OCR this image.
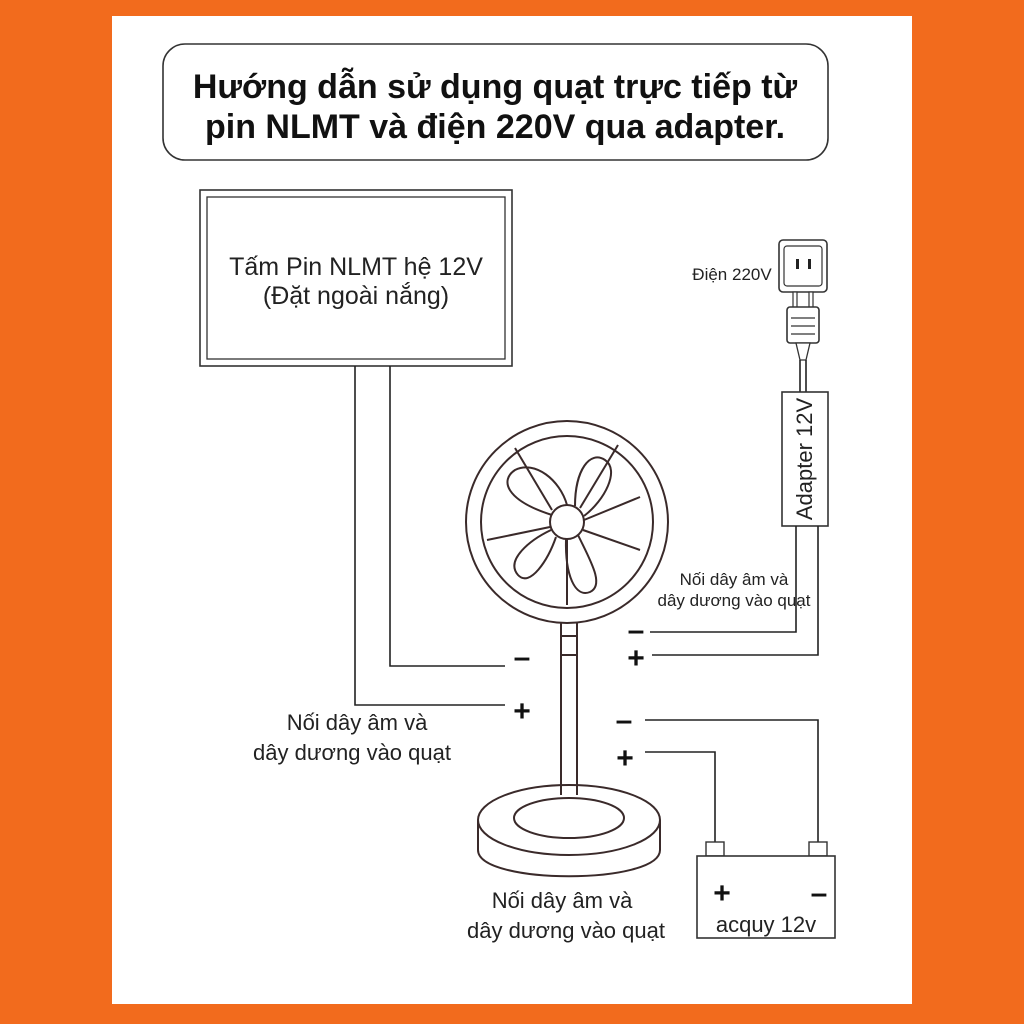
Hướng dẫn sử dụng quạt trực tiếp từ
pin NLMT và điện 220V qua adapter.
Tấm Pin NLMT hệ 12V
(Đặt ngoài nắng)
–
+
Nối dây âm và
dây dương vào quạt
Điện 220V
Adapter 12V
–
+
Nối dây âm và
dây dương vào quạt
–
+
+	–
acquy 12v
Nối dây âm và
dây dương vào quạt
